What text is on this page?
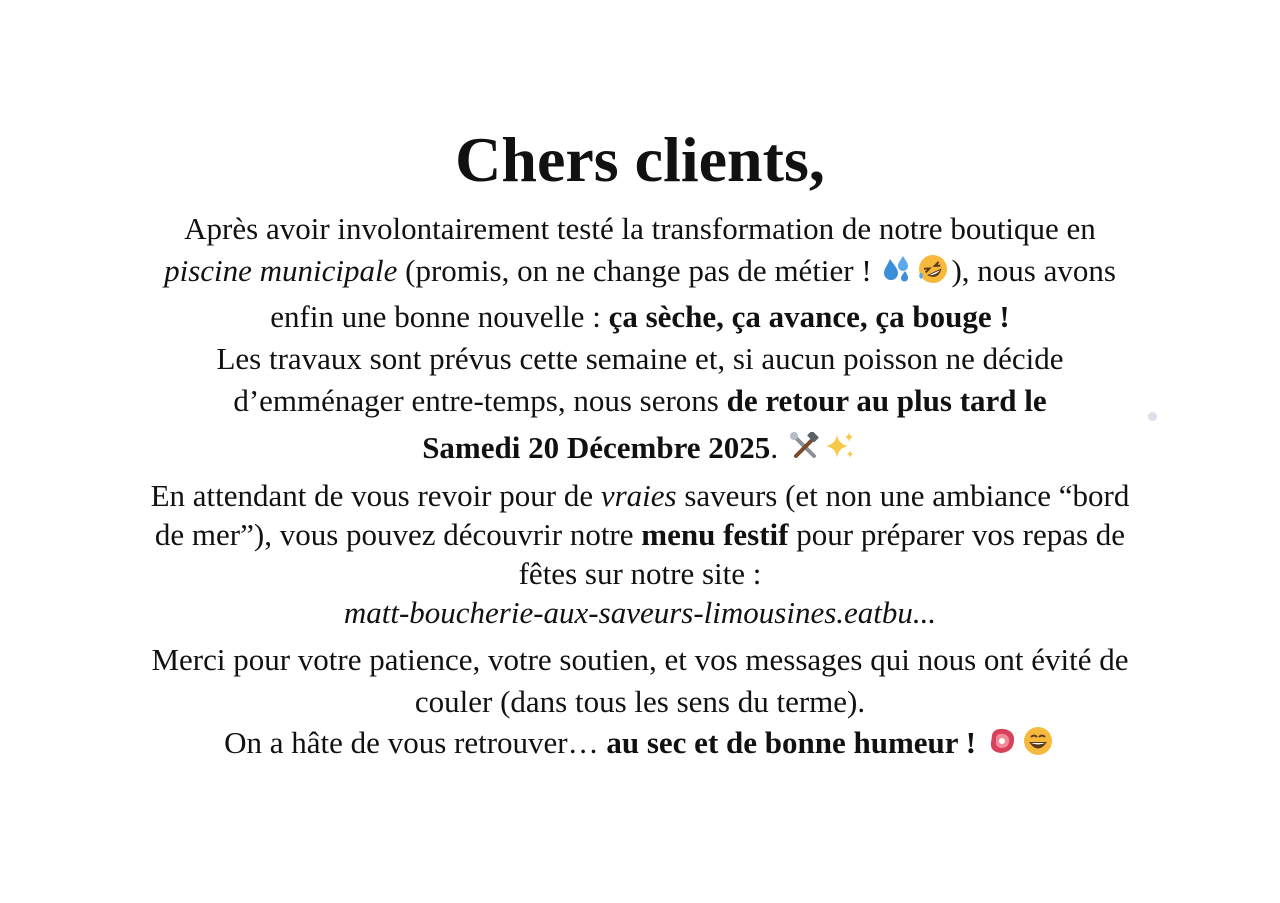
Chers clients,

Après avoir involontairement testé la transformation de notre boutique en
piscine municipale (promis, on ne change pas de métier ! ), nous avons
enfin une bonne nouvelle : ça sèche, ça avance, ça bouge !

Les travaux sont prévus cette semaine et, si aucun poisson ne décide
d’emménager entre-temps, nous serons de retour au plus tard le

Samedi 20 Décembre 2025.

En attendant de vous revoir pour de vraies saveurs (et non une ambiance “bord
de mer”), vous pouvez découvrir notre menu festif pour préparer vos repas de
fêtes sur notre site :
matt-boucherie-aux-saveurs-limousines.eatbu...

Merci pour votre patience, votre soutien, et vos messages qui nous ont évité de
couler (dans tous les sens du terme).

On a hâte de vous retrouver… au sec et de bonne humeur !
